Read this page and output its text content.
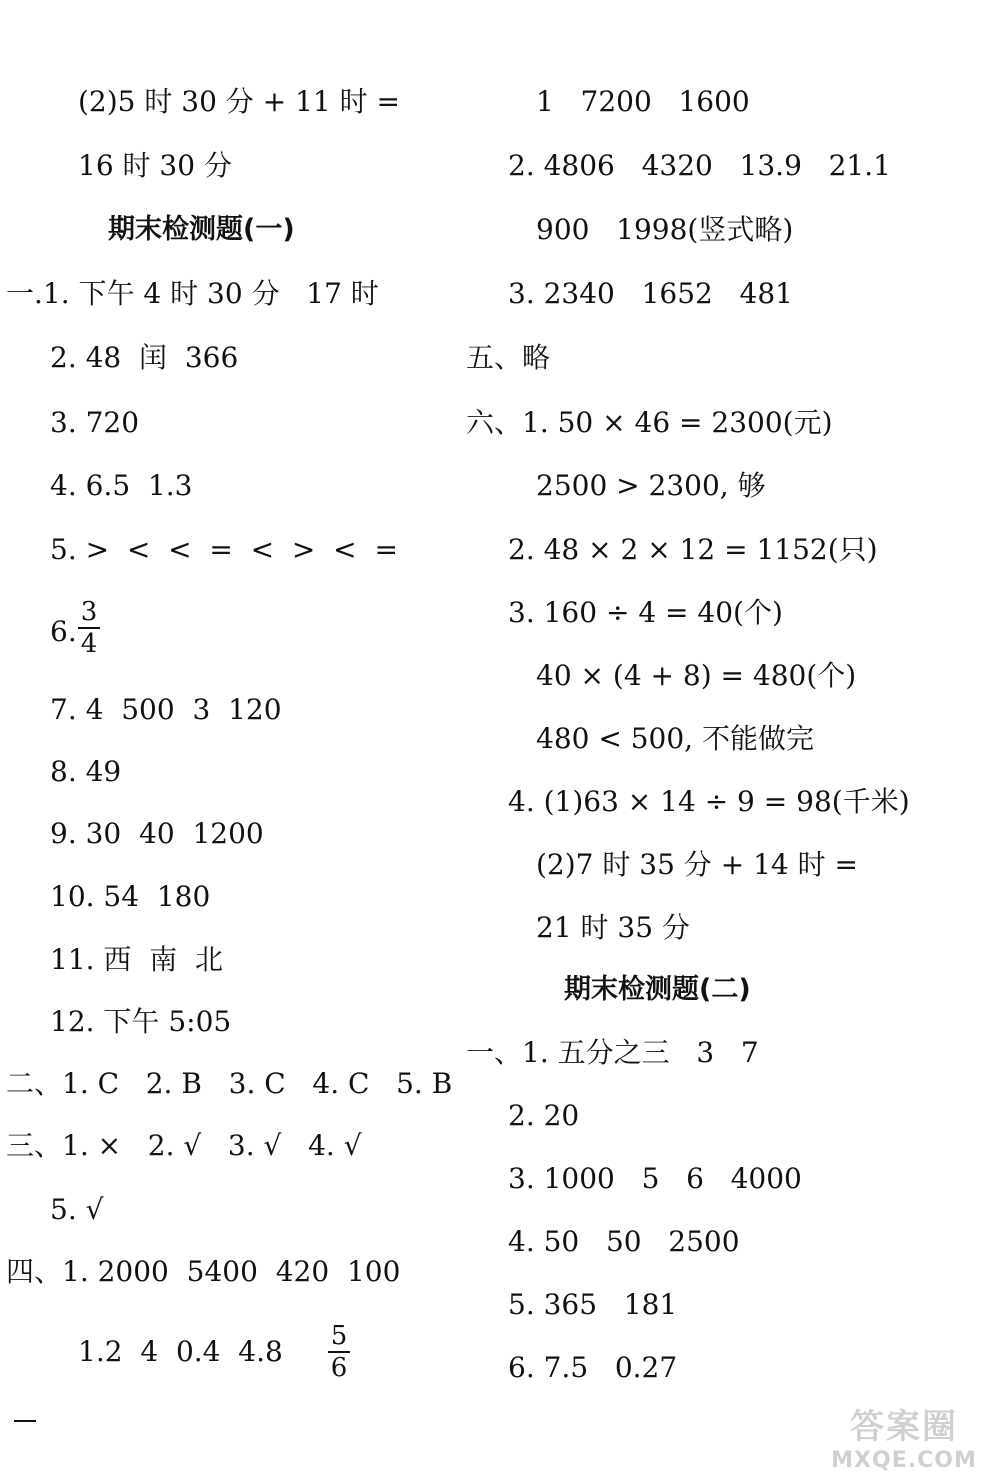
(2)5 时 30 分 + 11 时 =
16 时 30 分
期末检测题(一)
一.1. 下午 4 时 30 分   17 时
2. 48  闰  366
3. 720
4. 6.5  1.3
5. >  <  <  =  <  >  <  =
6.
3
4
7. 4  500  3  120
8. 49
9. 30  40  1200
10. 54  180
11. 西  南  北
12. 下午 5:05
二、1. C   2. B   3. C   4. C   5. B
三、1. ×   2. √   3. √   4. √
5. √
四、1. 2000  5400  420  100
1.2  4  0.4  4.8 5
6
1   7200   1600
2. 4806   4320   13.9   21.1
900   1998(竖式略)
3. 2340   1652   481
五、略
六、1. 50 × 46 = 2300(元)
2500 > 2300, 够
2. 48 × 2 × 12 = 1152(只)
3. 160 ÷ 4 = 40(个)
40 × (4 + 8) = 480(个)
480 < 500, 不能做完
4. (1)63 × 14 ÷ 9 = 98(千米)
(2)7 时 35 分 + 14 时 =
21 时 35 分
期末检测题(二)
一、1. 五分之三   3   7
2. 20
3. 1000   5   6   4000
4. 50   50   2500
5. 365   181
6. 7.5   0.27
答案圈
MXQE.COM
